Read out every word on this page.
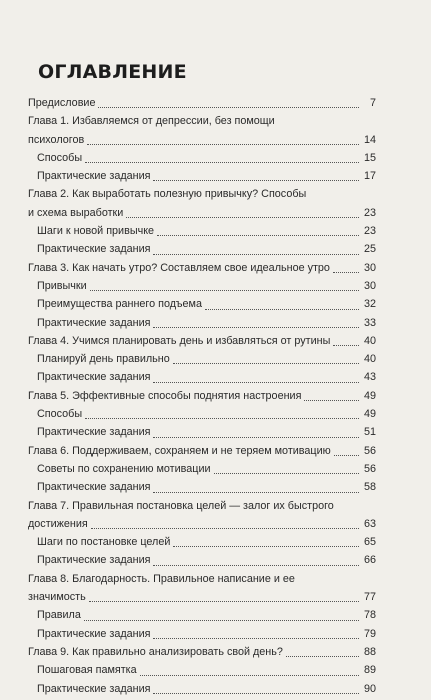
ОГЛАВЛЕНИЕ
Предисловие	7
Глава 1. Избавляемся от депрессии, без помощи
психологов	14
Способы	15
Практические задания	17
Глава 2. Как выработать полезную привычку? Способы
и схема выработки	23
Шаги к новой привычке	23
Практические задания	25
Глава 3. Как начать утро? Составляем свое идеальное утро	30
Привычки	30
Преимущества раннего подъема	32
Практические задания	33
Глава 4. Учимся планировать день и избавляться от рутины	40
Планируй день правильно	40
Практические задания	43
Глава 5. Эффективные способы поднятия настроения	49
Способы	49
Практические задания	51
Глава 6. Поддерживаем, сохраняем и не теряем мотивацию	56
Советы по сохранению мотивации	56
Практические задания	58
Глава 7. Правильная постановка целей — залог их быстрого
достижения	63
Шаги по постановке целей	65
Практические задания	66
Глава 8. Благодарность. Правильное написание и ее
значимость	77
Правила	78
Практические задания	79
Глава 9. Как правильно анализировать свой день?	88
Пошаговая памятка	89
Практические задания	90
